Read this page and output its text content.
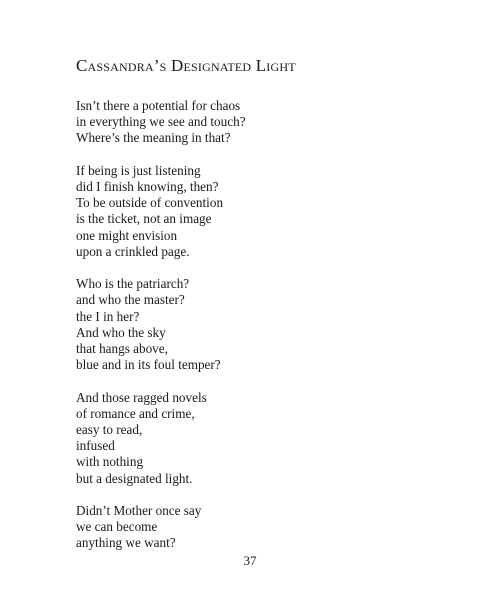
Cassandra’s Designated Light
Isn’t there a potential for chaos
in everything we see and touch?
Where’s the meaning in that?
If being is just listening
did I finish knowing, then?
To be outside of convention
is the ticket, not an image
one might envision
upon a crinkled page.
Who is the patriarch?
and who the master?
the I in her?
And who the sky
that hangs above,
blue and in its foul temper?
And those ragged novels
of romance and crime,
easy to read,
infused
with nothing
but a designated light.
Didn’t Mother once say
we can become
anything we want?
37
